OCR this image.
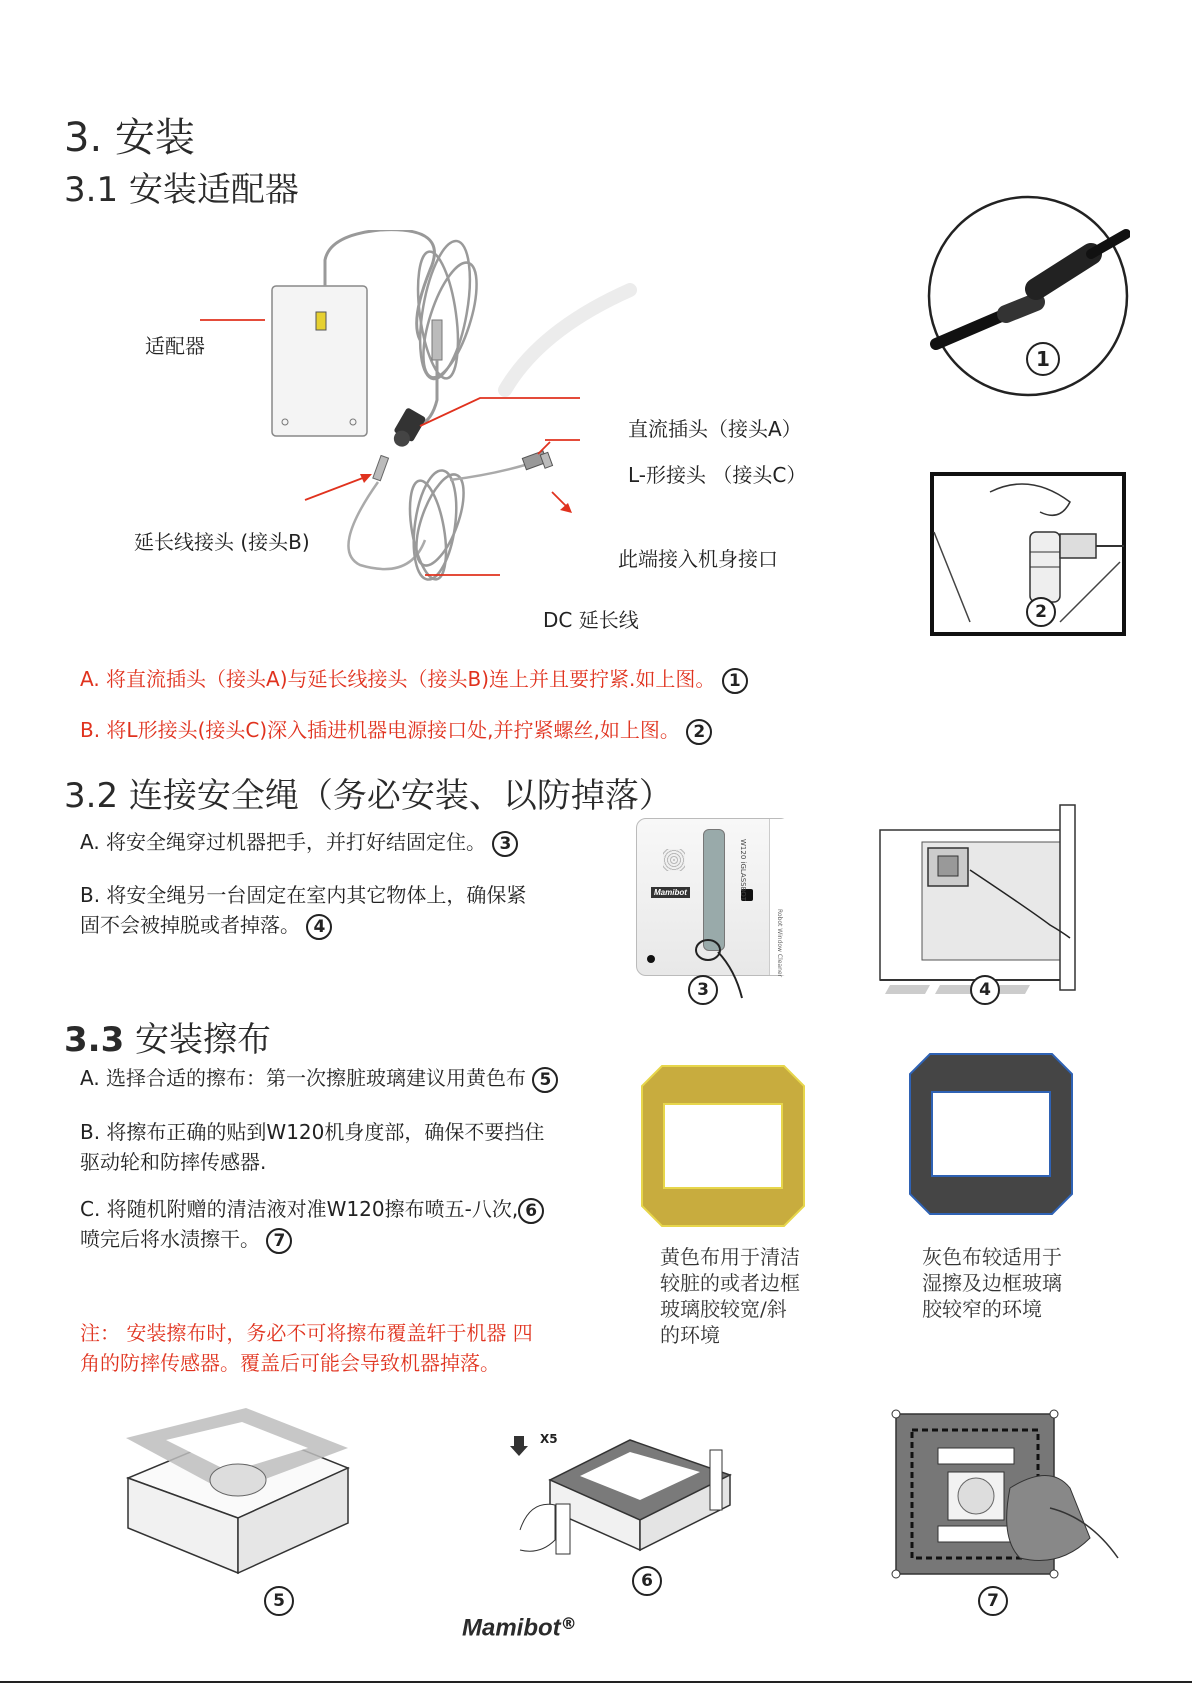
3. 安装
3.1 安装适配器
适配器
直流插头（接头A）
L-形接头 （接头C）
延长线接头 (接头B)
此端接入机身接口
DC 延长线
1
2
A. 将直流插头（接头A)与延长线接头（接头B)连上并且要拧紧.如上图。 1
B. 将L形接头(接头C)深入插进机器电源接口处,并拧紧螺丝,如上图。 2
3.2 连接安全绳（务必安装、以防掉落）
A. 将安全绳穿过机器把手，并打好结固定住。 3
B. 将安全绳另一台固定在室内其它物体上，确保紧
固不会被掉脱或者掉落。 4
Mamibot	W120 iGLASSBOT
Robot Window Cleaner
3	4
3.3 安装擦布
A. 选择合适的擦布：第一次擦脏玻璃建议用黄色布 5
B. 将擦布正确的贴到W120机身度部，确保不要挡住
驱动轮和防摔传感器.
C. 将随机附赠的清洁液对准W120擦布喷五-八次, 6
喷完后将水渍擦干。 7
注： 安装擦布时，务必不可将擦布覆盖轩于机器 四
角的防摔传感器。覆盖后可能会导致机器掉落。
黄色布用于清洁
较脏的或者边框
玻璃胶较宽/斜
的环境
灰色布较适用于
湿擦及边框玻璃
胶较窄的环境
5
X5
6
7
Mamibot®
